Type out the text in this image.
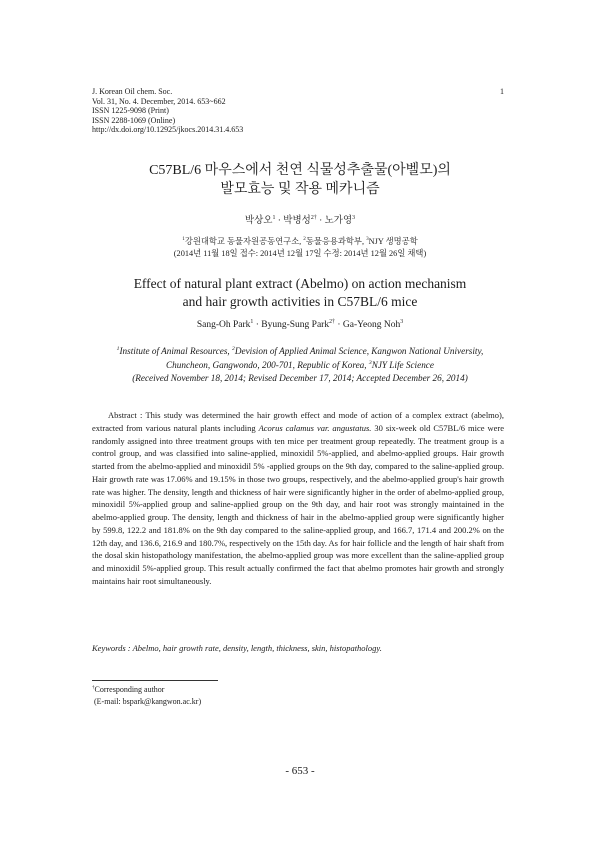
J. Korean Oil chem. Soc.
Vol. 31, No. 4. December, 2014. 653~662
ISSN 1225-9098 (Print)
ISSN 2288-1069 (Online)
http://dx.doi.org/10.12925/jkocs.2014.31.4.653
1
C57BL/6 마우스에서 천연 식물성추출물(아벨모)의
발모효능 및 작용 메카니즘
박상오$^1$ · 박병성$^{2\dagger}$ · 노가영$^3$
$^1$강원대학교 동물자원공동연구소, $^2$동물응용과학부, $^3$NJY 생명공학
(2014년 11월 18일 접수: 2014년 12월 17일 수정: 2014년 12월 26일 채택)
Effect of natural plant extract (Abelmo) on action mechanism
and hair growth activities in C57BL/6 mice
Sang-Oh Park$^1$ · Byung-Sung Park$^{2\dagger}$ · Ga-Yeong Noh$^3$
$^1$Institute of Animal Resources, $^2$Devision of Applied Animal Science, Kangwon National University,
Chuncheon, Gangwondo, 200-701, Republic of Korea, $^3$NJY Life Science
(Received November 18, 2014; Revised December 17, 2014; Accepted December 26, 2014)
Abstract : This study was determined the hair growth effect and mode of action of a complex extract (abelmo), extracted from various natural plants including Acorus calamus var. angustatus. 30 six-week old C57BL/6 mice were randomly assigned into three treatment groups with ten mice per treatment group repeatedly. The treatment group is a control group, and was classified into saline-applied, minoxidil 5%-applied, and abelmo-applied groups. Hair growth started from the abelmo-applied and minoxidil 5% -applied groups on the 9th day, compared to the saline-applied group. Hair growth rate was 17.06% and 19.15% in those two groups, respectively, and the abelmo-applied group's hair growth rate was higher. The density, length and thickness of hair were significantly higher in the order of abelmo-applied group, minoxidil 5%-applied group and saline-applied group on the 9th day, and hair root was strongly maintained in the abelmo-applied group. The density, length and thickness of hair in the abelmo-applied group were significantly higher by 599.8, 122.2 and 181.8% on the 9th day compared to the saline-applied group, and 166.7, 171.4 and 200.2% on the 12th day, and 136.6, 216.9 and 180.7%, respectively on the 15th day. As for hair follicle and the length of hair shaft from the dosal skin histopathology manifestation, the abelmo-applied group was more excellent than the saline-applied group and minoxidil 5%-applied group. This result actually confirmed the fact that abelmo promotes hair growth and strongly maintains hair root simultaneously.
Keywords : Abelmo, hair growth rate, density, length, thickness, skin, histopathology.
†Corresponding author
(E-mail: bspark@kangwon.ac.kr)
- 653 -
